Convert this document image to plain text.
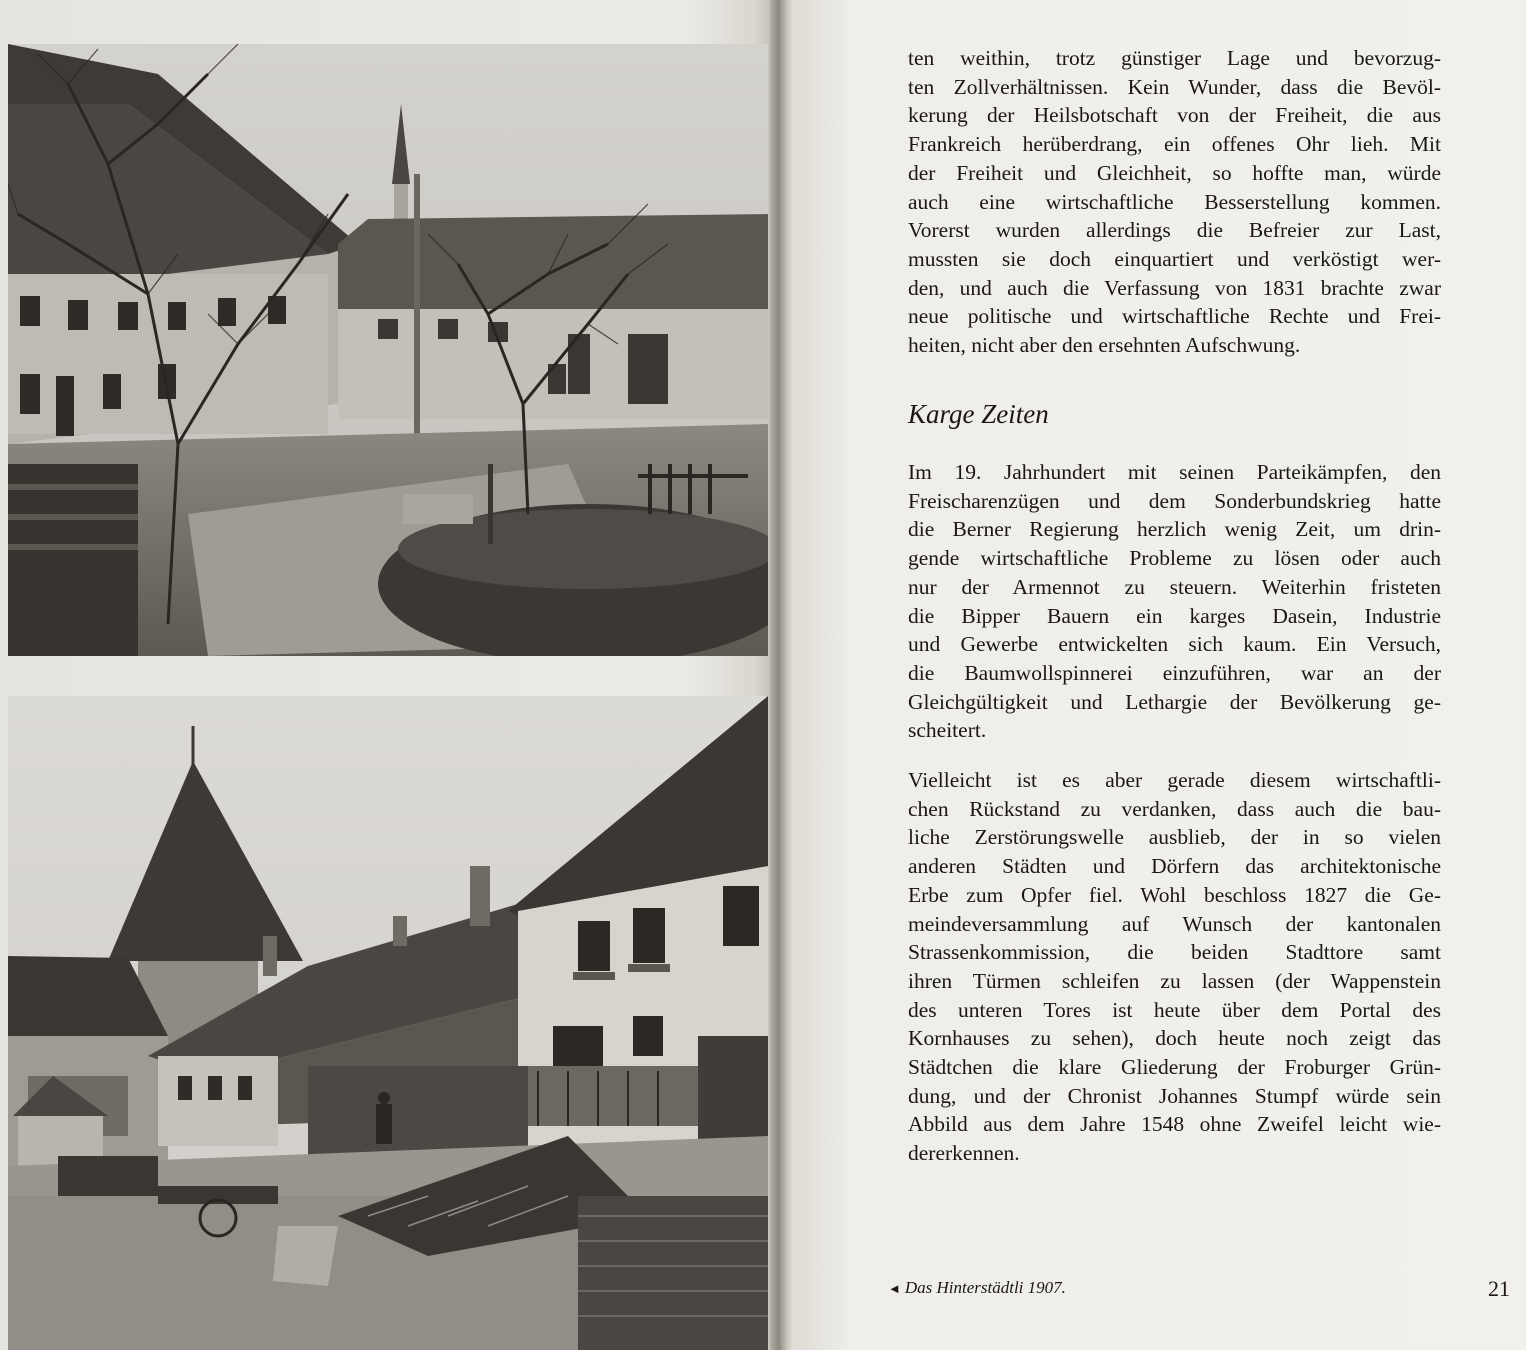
ten weithin, trotz günstiger Lage und bevorzug-
ten Zollverhältnissen. Kein Wunder, dass die Bevöl-
kerung der Heilsbotschaft von der Freiheit, die aus
Frankreich herüberdrang, ein offenes Ohr lieh. Mit
der Freiheit und Gleichheit, so hoffte man, würde
auch eine wirtschaftliche Besserstellung kommen.
Vorerst wurden allerdings die Befreier zur Last,
mussten sie doch einquartiert und verköstigt wer-
den, und auch die Verfassung von 1831 brachte zwar
neue politische und wirtschaftliche Rechte und Frei-
heiten, nicht aber den ersehnten Aufschwung.
Karge Zeiten
Im 19. Jahrhundert mit seinen Parteikämpfen, den
Freischarenzügen und dem Sonderbundskrieg hatte
die Berner Regierung herzlich wenig Zeit, um drin-
gende wirtschaftliche Probleme zu lösen oder auch
nur der Armennot zu steuern. Weiterhin fristeten
die Bipper Bauern ein karges Dasein, Industrie
und Gewerbe entwickelten sich kaum. Ein Versuch,
die Baumwollspinnerei einzuführen, war an der
Gleichgültigkeit und Lethargie der Bevölkerung ge-
scheitert.
Vielleicht ist es aber gerade diesem wirtschaftli-
chen Rückstand zu verdanken, dass auch die bau-
liche Zerstörungswelle ausblieb, der in so vielen
anderen Städten und Dörfern das architektonische
Erbe zum Opfer fiel. Wohl beschloss 1827 die Ge-
meindeversammlung auf Wunsch der kantonalen
Strassenkommission, die beiden Stadttore samt
ihren Türmen schleifen zu lassen (der Wappenstein
des unteren Tores ist heute über dem Portal des
Kornhauses zu sehen), doch heute noch zeigt das
Städtchen die klare Gliederung der Froburger Grün-
dung, und der Chronist Johannes Stumpf würde sein
Abbild aus dem Jahre 1548 ohne Zweifel leicht wie-
dererkennen.
◄ Das Hinterstädtli 1907.	21
